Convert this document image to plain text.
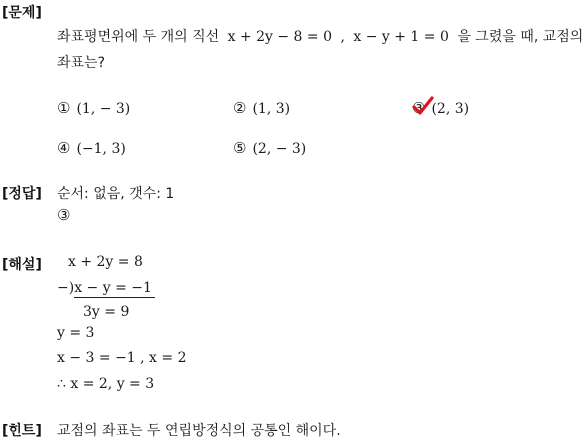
[문제]
좌표평면위에 두 개의 직선 x + 2y − 8 = 0 , x − y + 1 = 0 을 그렸을 때, 교점의
좌표는?
① (1, − 3)	② (1, 3)	③ (2, 3)
④ (−1, 3)	⑤ (2, − 3)
[정답] 순서: 없음, 갯수: 1
③
[해설] x + 2y = 8
−)x − y = −1
3y = 9
y = 3
x − 3 = −1 , x = 2
∴ x = 2, y = 3
[힌트] 교점의 좌표는 두 연립방정식의 공통인 해이다.
